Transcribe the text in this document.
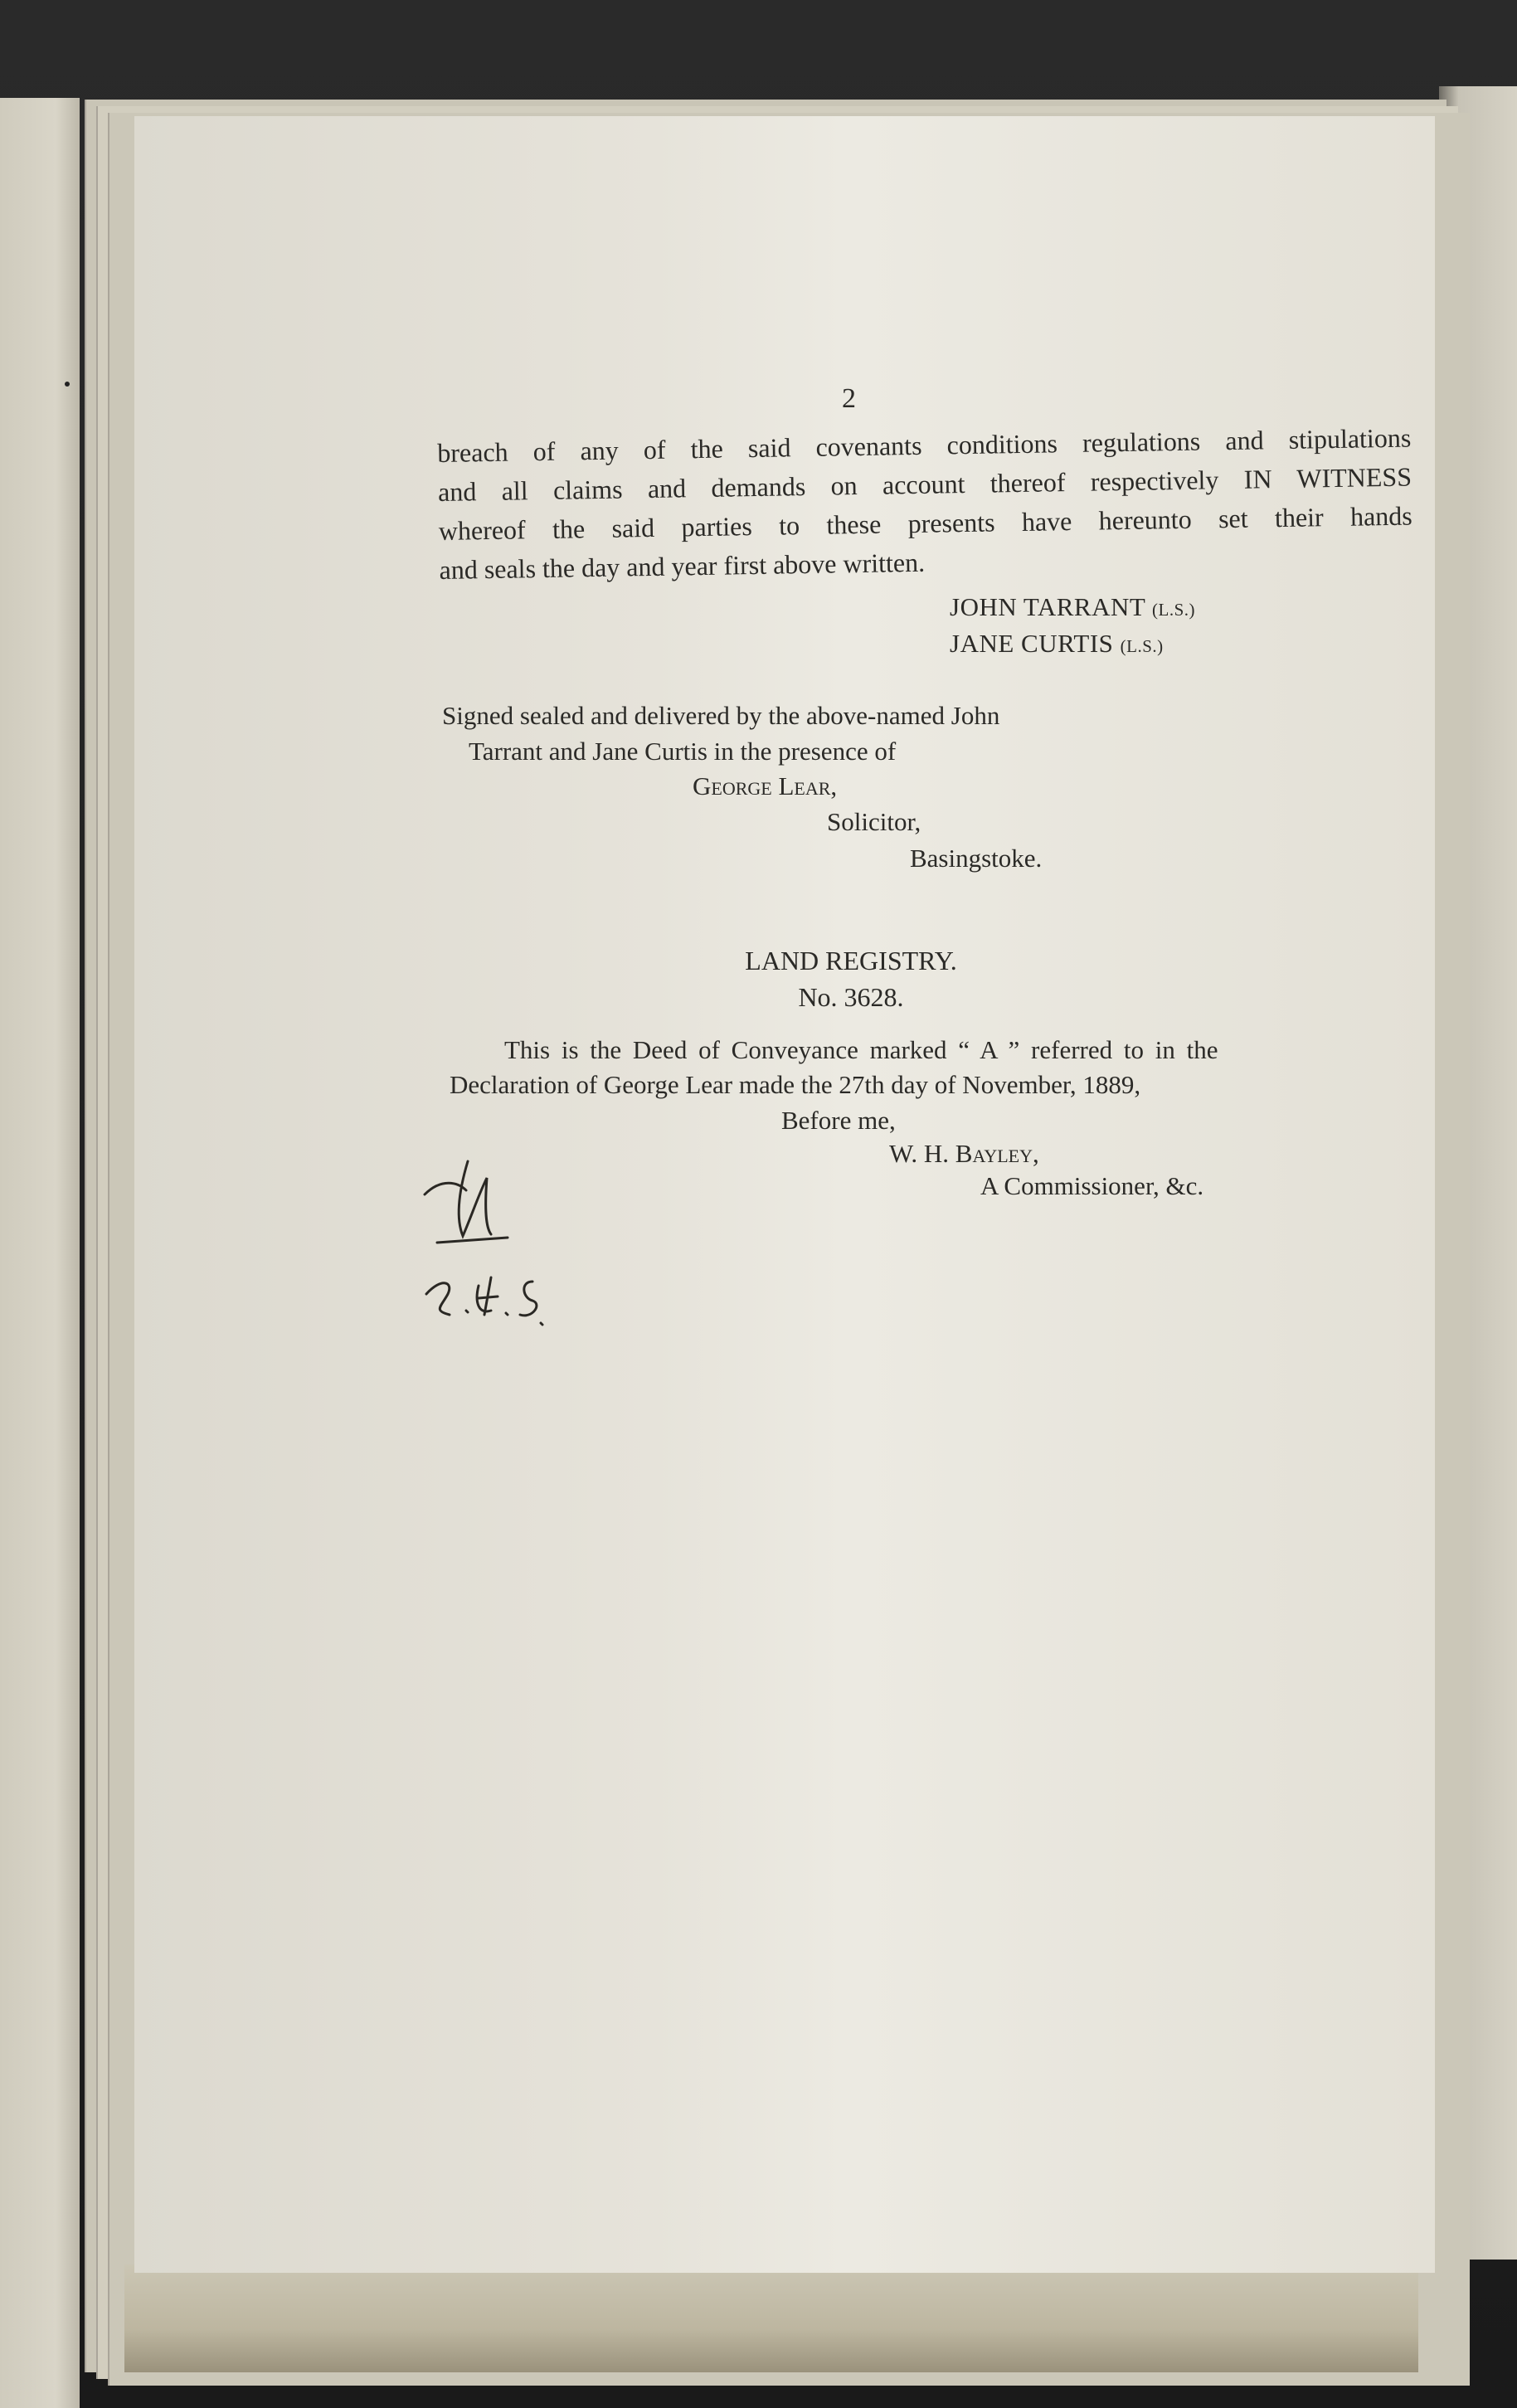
2
breach of any of the said covenants conditions regulations and stipulations
and all claims and demands on account thereof respectively IN WITNESS
whereof the said parties to these presents have hereunto set their hands
and seals the day and year first above written.
JOHN TARRANT (L.S.)
JANE CURTIS (L.S.)
Signed sealed and delivered by the above-named John
Tarrant and Jane Curtis in the presence of
George Lear,
Solicitor,
Basingstoke.
LAND REGISTRY.
No. 3628.
This is the Deed of Conveyance marked “ A ” referred to in the
Declaration of George Lear made the 27th day of November, 1889,
Before me,
W. H. Bayley,
A Commissioner, &c.
